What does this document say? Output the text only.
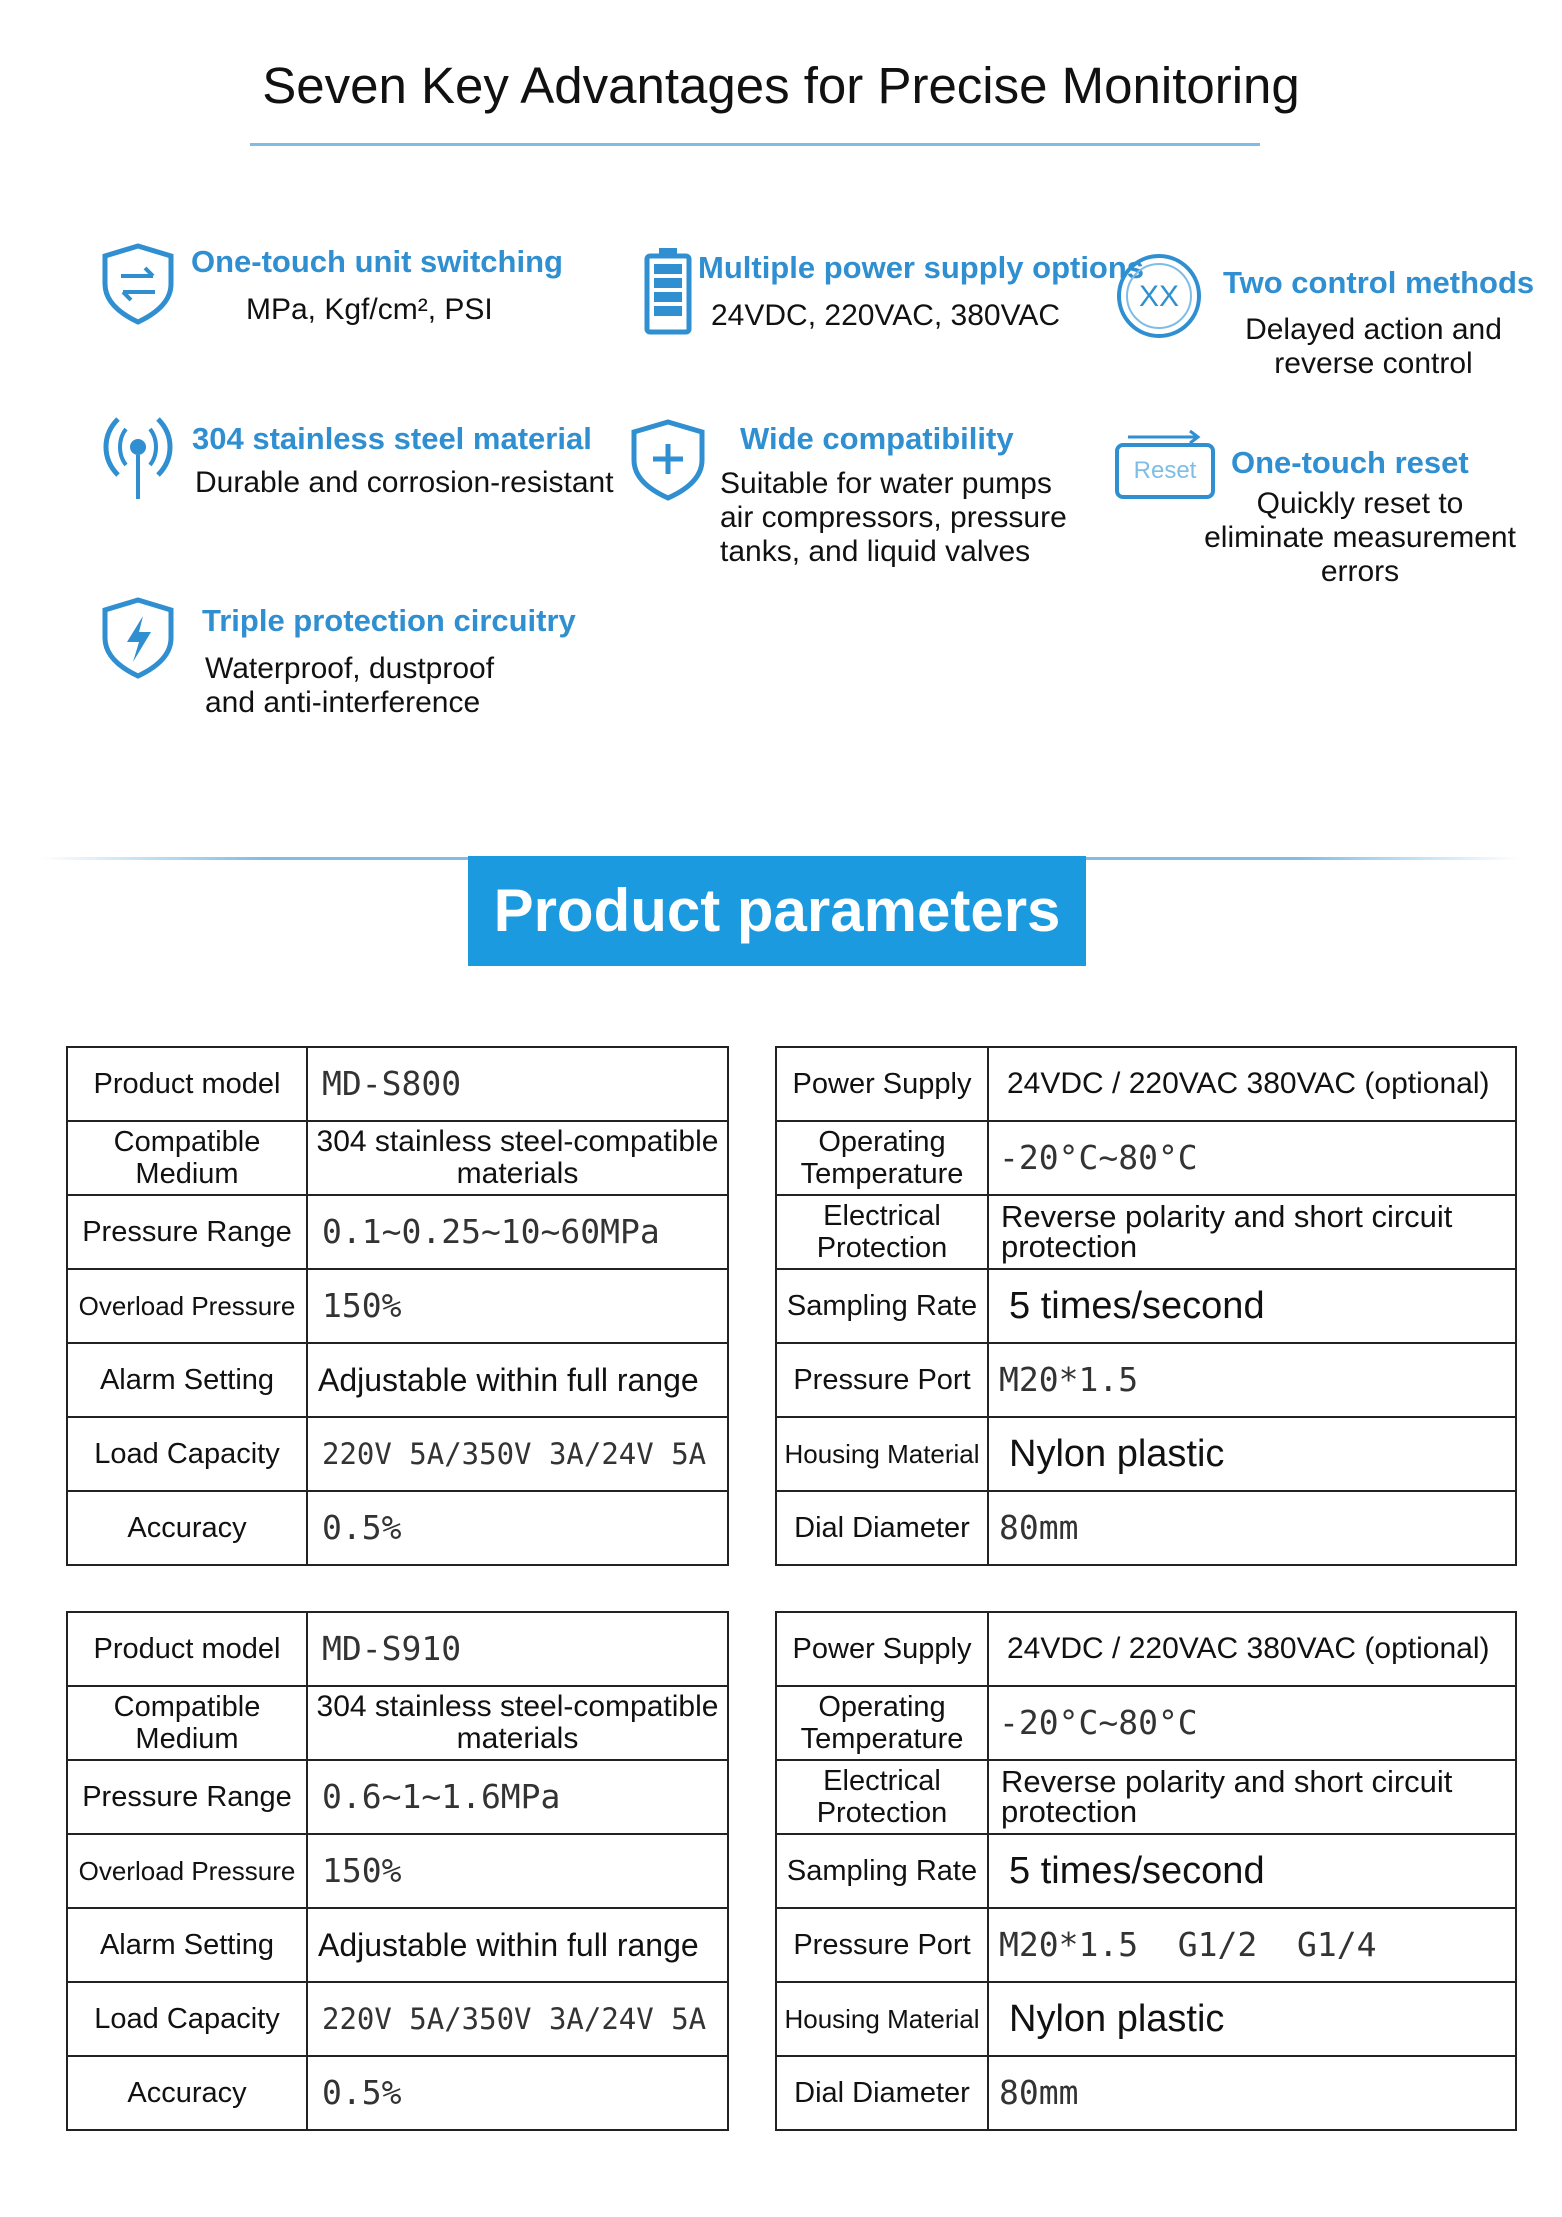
Seven Key Advantages for Precise Monitoring
One-touch unit switching
MPa, Kgf/cm², PSI
Multiple power supply options
24VDC, 220VAC, 380VAC
XX Two control methods
Delayed action and
reverse control
304 stainless steel material
Durable and corrosion-resistant
Wide compatibility
Suitable for water pumps
air compressors, pressure
tanks, and liquid valves
Reset	One-touch reset
Quickly reset to
eliminate measurement
errors
Triple protection circuitry
Waterproof, dustproof
and anti-interference
Product parameters
Product model	MD-S800
Compatible Medium	304 stainless steel-compatible materials
Pressure Range	0.1~0.25~10~60MPa
Overload Pressure	150%
Alarm Setting	Adjustable within full range
Load Capacity	220V 5A/350V 3A/24V 5A
Accuracy	0.5%
Power Supply	24VDC / 220VAC 380VAC (optional)
Operating Temperature	-20°C~80°C
Electrical Protection	Reverse polarity and short circuit protection
Sampling Rate	5 times/second
Pressure Port	M20*1.5
Housing Material	Nylon plastic
Dial Diameter	80mm
Product model	MD-S910
Compatible Medium	304 stainless steel-compatible materials
Pressure Range	0.6~1~1.6MPa
Overload Pressure	150%
Alarm Setting	Adjustable within full range
Load Capacity	220V 5A/350V 3A/24V 5A
Accuracy	0.5%
Power Supply	24VDC / 220VAC 380VAC (optional)
Operating Temperature	-20°C~80°C
Electrical Protection	Reverse polarity and short circuit protection
Sampling Rate	5 times/second
Pressure Port	M20*1.5  G1/2  G1/4
Housing Material	Nylon plastic
Dial Diameter	80mm
